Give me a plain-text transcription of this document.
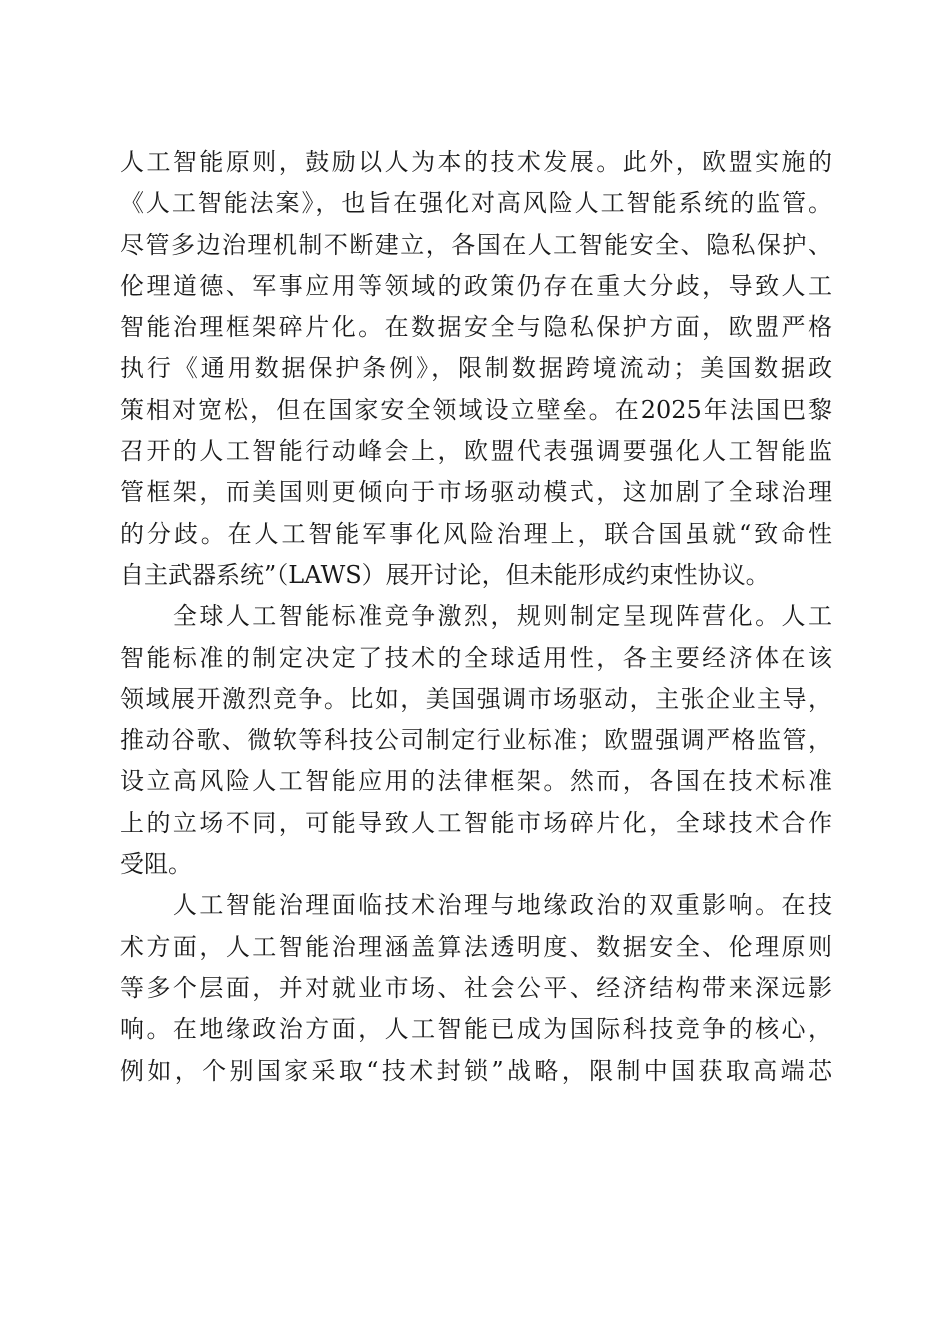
人工智能原则，鼓励以人为本的技术发展。此外，欧盟实施的
《人工智能法案》，也旨在强化对高风险人工智能系统的监管。
尽管多边治理机制不断建立，各国在人工智能安全、隐私保护、
伦理道德、军事应用等领域的政策仍存在重大分歧，导致人工
智能治理框架碎片化。在数据安全与隐私保护方面，欧盟严格
执行《通用数据保护条例》，限制数据跨境流动；美国数据政
策相对宽松，但在国家安全领域设立壁垒。在2025年法国巴黎
召开的人工智能行动峰会上，欧盟代表强调要强化人工智能监
管框架，而美国则更倾向于市场驱动模式，这加剧了全球治理
的分歧。在人工智能军事化风险治理上，联合国虽就“致命性
自主武器系统”（LAWS）展开讨论，但未能形成约束性协议。
　　全球人工智能标准竞争激烈，规则制定呈现阵营化。人工
智能标准的制定决定了技术的全球适用性，各主要经济体在该
领域展开激烈竞争。比如，美国强调市场驱动，主张企业主导，
推动谷歌、微软等科技公司制定行业标准；欧盟强调严格监管，
设立高风险人工智能应用的法律框架。然而，各国在技术标准
上的立场不同，可能导致人工智能市场碎片化，全球技术合作
受阻。
　　人工智能治理面临技术治理与地缘政治的双重影响。在技
术方面，人工智能治理涵盖算法透明度、数据安全、伦理原则
等多个层面，并对就业市场、社会公平、经济结构带来深远影
响。在地缘政治方面，人工智能已成为国际科技竞争的核心，
例如，个别国家采取“技术封锁”战略，限制中国获取高端芯
